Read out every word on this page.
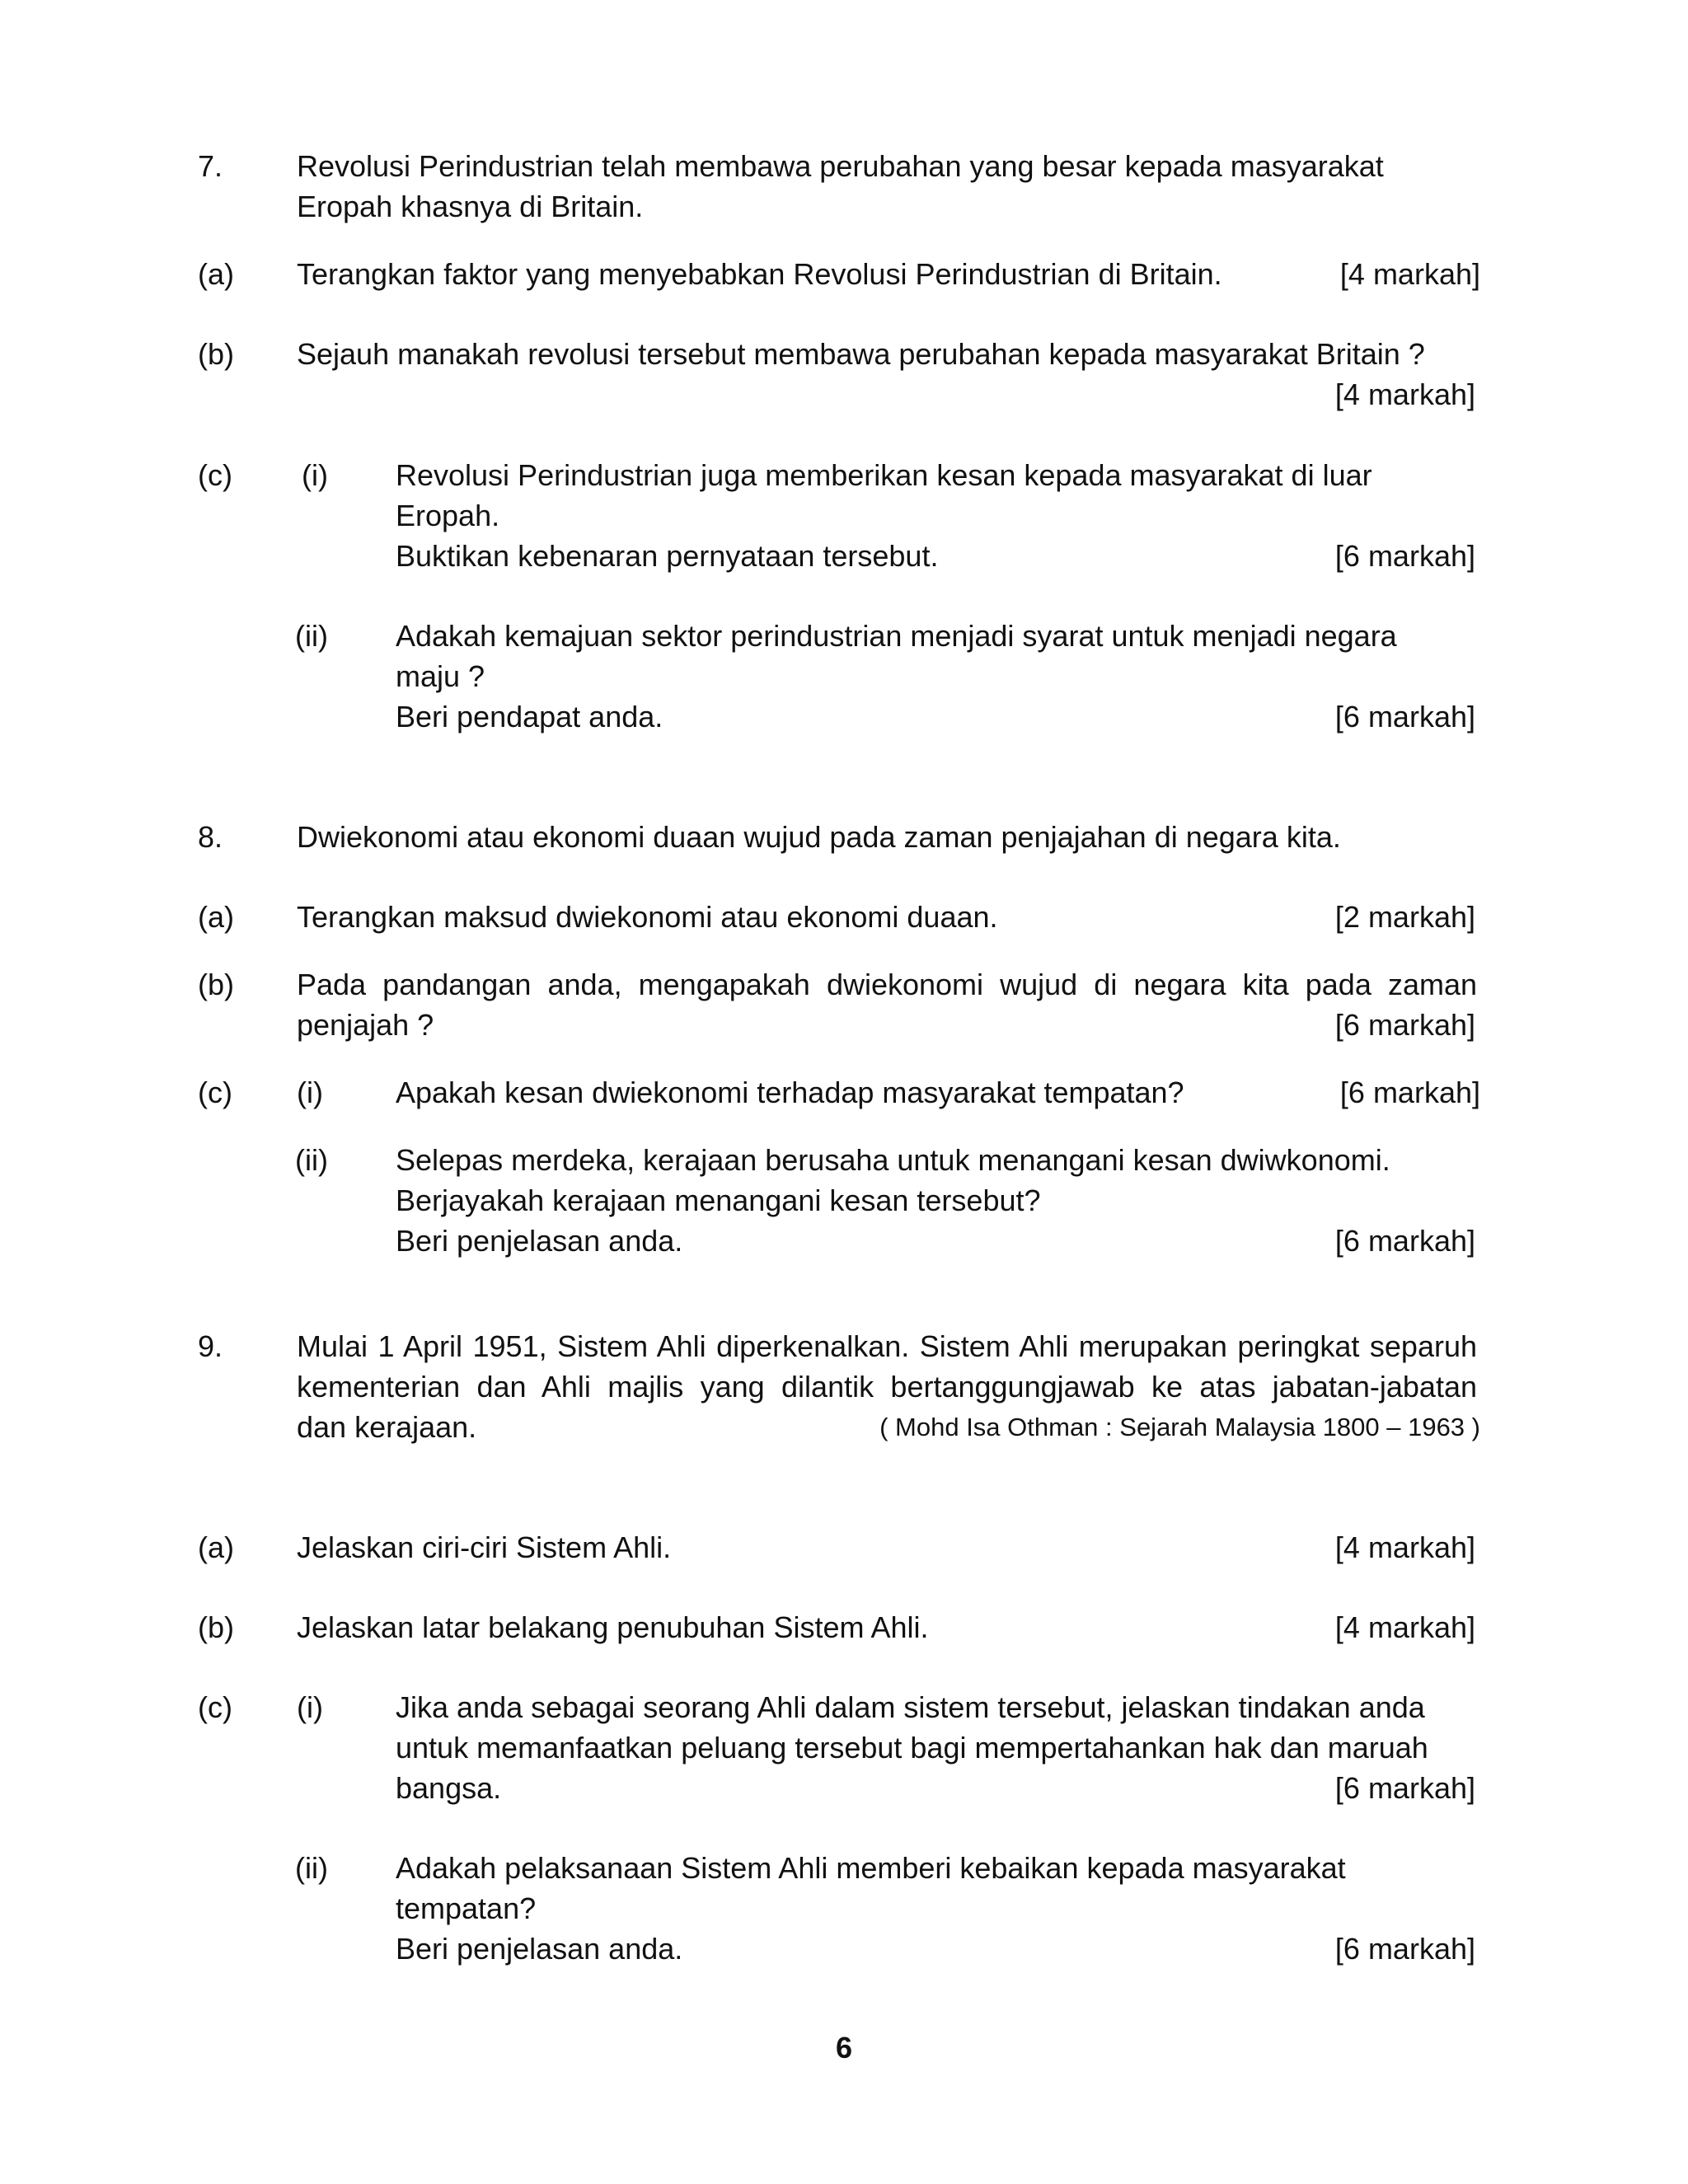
7. Revolusi Perindustrian telah membawa perubahan yang besar kepada masyarakat

Eropah khasnya di Britain.

(a) Terangkan faktor yang menyebabkan Revolusi Perindustrian di Britain.	[4 markah]

(b) Sejauh manakah revolusi tersebut membawa perubahan kepada masyarakat Britain ?

[4 markah]

(c) (i) Revolusi Perindustrian juga memberikan kesan kepada masyarakat di luar

Eropah.

Buktikan kebenaran pernyataan tersebut.	[6 markah]

(ii) Adakah kemajuan sektor perindustrian menjadi syarat untuk menjadi negara

maju ?

Beri pendapat anda.	[6 markah]

8. Dwiekonomi atau ekonomi duaan wujud pada zaman penjajahan di negara kita.

(a) Terangkan maksud dwiekonomi atau ekonomi duaan.	[2 markah]

(b) Pada pandangan anda, mengapakah dwiekonomi wujud di negara kita pada zaman

penjajah ?	[6 markah]

(c) (i) Apakah kesan dwiekonomi terhadap masyarakat tempatan?	[6 markah]

(ii) Selepas merdeka, kerajaan berusaha untuk menangani kesan dwiwkonomi.

Berjayakah kerajaan menangani kesan tersebut?

Beri penjelasan anda.	[6 markah]

9. Mulai 1 April 1951, Sistem Ahli diperkenalkan. Sistem Ahli merupakan peringkat separuh

kementerian dan Ahli majlis yang dilantik bertanggungjawab ke atas jabatan-jabatan

dan kerajaan.	( Mohd Isa Othman : Sejarah Malaysia 1800 – 1963 )

(a) Jelaskan ciri-ciri Sistem Ahli.	[4 markah]

(b) Jelaskan latar belakang penubuhan Sistem Ahli.	[4 markah]

(c) (i) Jika anda sebagai seorang Ahli dalam sistem tersebut, jelaskan tindakan anda

untuk memanfaatkan peluang tersebut bagi mempertahankan hak dan maruah

bangsa.	[6 markah]

(ii) Adakah pelaksanaan Sistem Ahli memberi kebaikan kepada masyarakat

tempatan?

Beri penjelasan anda.	[6 markah]

6
